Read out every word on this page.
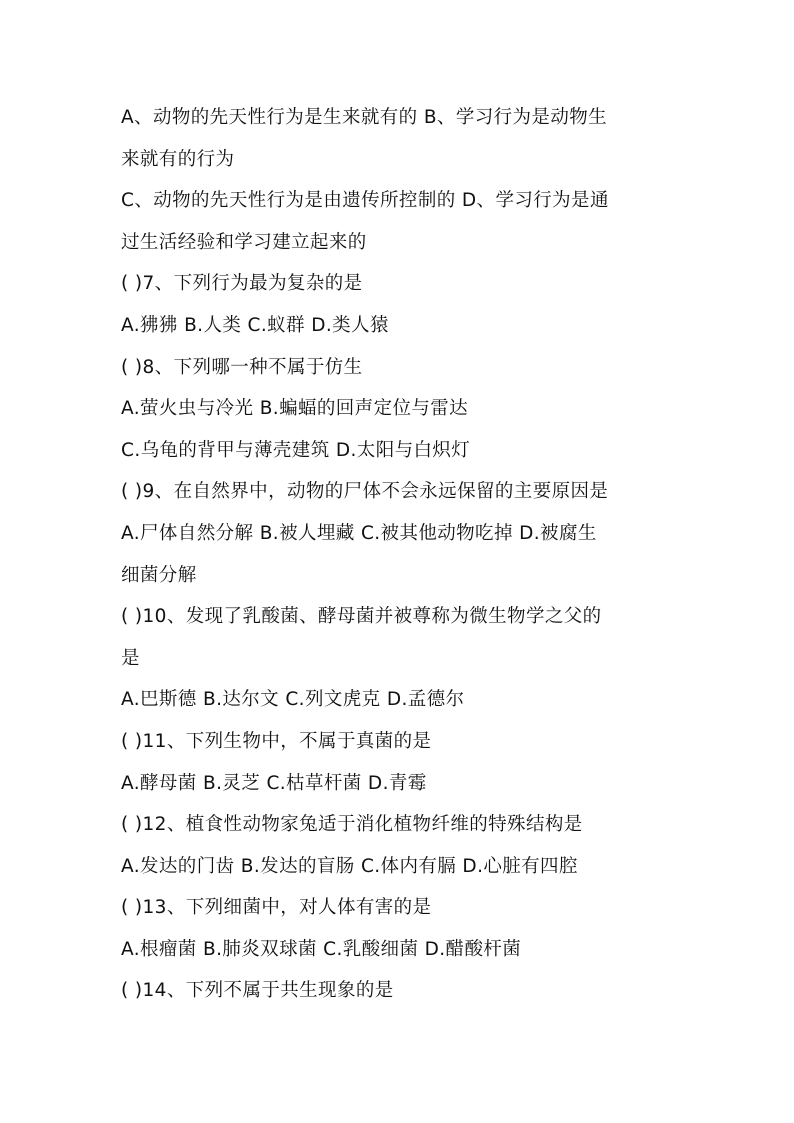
A、动物的先天性行为是生来就有的 B、学习行为是动物生
来就有的行为
C、动物的先天性行为是由遗传所控制的 D、学习行为是通
过生活经验和学习建立起来的
( )7、下列行为最为复杂的是
A.狒狒 B.人类 C.蚁群 D.类人猿
( )8、下列哪一种不属于仿生
A.萤火虫与冷光 B.蝙蝠的回声定位与雷达
C.乌龟的背甲与薄壳建筑 D.太阳与白炽灯
( )9、在自然界中，动物的尸体不会永远保留的主要原因是
A.尸体自然分解 B.被人埋藏 C.被其他动物吃掉 D.被腐生
细菌分解
( )10、发现了乳酸菌、酵母菌并被尊称为微生物学之父的
是
A.巴斯德 B.达尔文 C.列文虎克 D.孟德尔
( )11、下列生物中，不属于真菌的是
A.酵母菌 B.灵芝 C.枯草杆菌 D.青霉
( )12、植食性动物家兔适于消化植物纤维的特殊结构是
A.发达的门齿 B.发达的盲肠 C.体内有膈 D.心脏有四腔
( )13、下列细菌中，对人体有害的是
A.根瘤菌 B.肺炎双球菌 C.乳酸细菌 D.醋酸杆菌
( )14、下列不属于共生现象的是
